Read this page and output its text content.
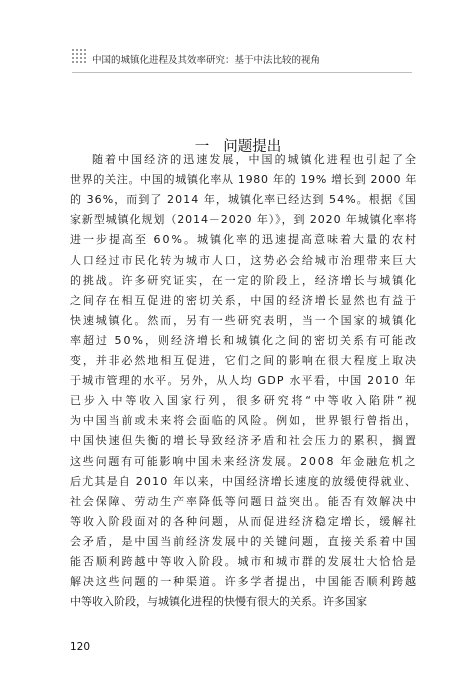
中国的城镇化进程及其效率研究：基于中法比较的视角
一 问题提出
随着中国经济的迅速发展，中国的城镇化进程也引起了全
世界的关注。中国的城镇化率从 1980 年的 19% 增长到 2000 年
的 36%，而到了 2014 年，城镇化率已经达到 54%。根据《国
家新型城镇化规划（2014－2020 年）》，到 2020 年城镇化率将
进一步提高至 60%。城镇化率的迅速提高意味着大量的农村
人口经过市民化转为城市人口，这势必会给城市治理带来巨大
的挑战。许多研究证实，在一定的阶段上，经济增长与城镇化
之间存在相互促进的密切关系，中国的经济增长显然也有益于
快速城镇化。然而，另有一些研究表明，当一个国家的城镇化
率超过 50%，则经济增长和城镇化之间的密切关系有可能改
变，并非必然地相互促进，它们之间的影响在很大程度上取决
于城市管理的水平。另外，从人均 GDP 水平看，中国 2010 年
已步入中等收入国家行列，很多研究将“中等收入陷阱”视
为中国当前或未来将会面临的风险。例如，世界银行曾指出，
中国快速但失衡的增长导致经济矛盾和社会压力的累积，搁置
这些问题有可能影响中国未来经济发展。2008 年金融危机之
后尤其是自 2010 年以来，中国经济增长速度的放缓使得就业、
社会保障、劳动生产率降低等问题日益突出。能否有效解决中
等收入阶段面对的各种问题，从而促进经济稳定增长，缓解社
会矛盾，是中国当前经济发展中的关键问题，直接关系着中国
能否顺利跨越中等收入阶段。城市和城市群的发展壮大恰恰是
解决这些问题的一种渠道。许多学者提出，中国能否顺利跨越
中等收入阶段，与城镇化进程的快慢有很大的关系。许多国家
120
